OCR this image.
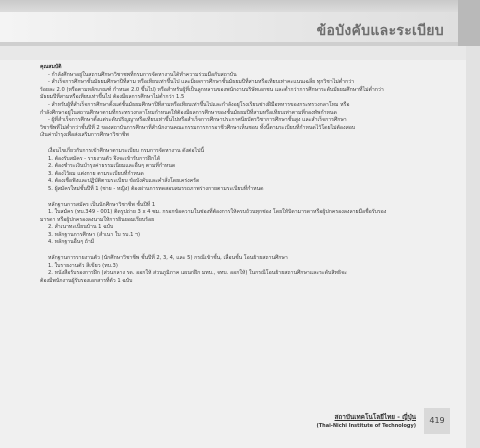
ข้อบังคับและระเบียบ

คุณสมบัติ

- กำลังศึกษาอยู่ในสถานศึกษาวิชาชพที่กรมการจัดหางานได้ทำความร่วมมือกับสถาบัน

- สำเร็จการศึกษาชั้นมัธยมศึกษาปีที่สาม หรือเทียบเท่าขึ้นไป และมีผลการศึกษาชั้นมัธยมปีที่สามหรือเทียบเท่าคะแนนเฉลี่ย ทุกวิชาไม่ต่ำกว่า

ร้อยละ 2.0 (หรือตามหลักเกณฑ์ กำหนด 2.0 ขึ้นไป) หรือสำหรับผู้ที่เป็นลูกหลานของพนักงานบริษัทเอกชน และต่ำกว่าการศึกษาระดับมัธยมศึกษาที่ไม่ต่ำกว่า

มัธยมปีที่สามหรือเทียบเท่าขึ้นไป ต้องมีผลการศึกษาไม่ต่ำกว่า 1.5

- สำหรับผู้ที่สำเร็จการศึกษาตั้งแต่ชั้นมัธยมศึกษาปีที่สามหรือเทียบเท่าขึ้นไปและกำลังอยู่โรงเรียนช่างฝีมือทหารของกระทรวงกลาโหม หรือ

กำลังศึกษาอยู่ในสถานศึกษาตามที่กระทรวงกลาโหมกำหนดให้ต้องมีผลการศึกษาของชั้นมัธยมปีที่สามหรือเทียบเท่าตามที่กองทัพกำหนด

- ผู้ที่สำเร็จการศึกษาตั้งแต่ระดับปริญญาหรือเทียบเท่าขึ้นไปหรือสำเร็จการศึกษาประกาศนียบัตรวิชาการศึกษาชั้นสูง และสำเร็จการศึกษา

วิชาชีพที่ไม่ต่ำกว่าชั้นปีที่ 2 ของสถาบันการศึกษาที่สำนักงานคณะกรรมการการอาชีวศึกษาเห็นชอบ ทั้งนี้ตามระเบียบที่กำหนดไว้โดยไม่ต้องสอบ

เงินค่าบำรุงเพื่อส่งเสริมการศึกษาวิชาชีพ

เงื่อนไขเกี่ยวกับการเข้าศึกษาตามระเบียบ กรมการจัดหางาน ดังต่อไปนี้

1. ต้องรับสมัคร - รายงานตัว จึงจะเข้ารับการฝึกได้

2. ต้องชำระเงินบำรุงค่าธรรมเนียมและอื่นๆ ตามที่กำหนด

3. ต้องไว้ผม แต่งกาย ตามระเบียบที่กำหนด

4. ต้องเชื่อฟังและปฏิบัติตามระเบียบ ข้อบังคับและคำสั่งโดยเคร่งครัด

5. ผู้สมัครใหม่ชั้นปีที่ 1 (ชาย - หญิง) ต้องผ่านการทดสอบสมรรถภาพร่างกายตามระเบียบที่กำหนด

หลักฐานการสมัคร เป็นนักศึกษาวิชาชีพ ชั้นปีที่ 1

1. ใบสมัคร (ทบ.349 - 001) ติดรูปถ่าย 3 x 4 ซม. กรอกข้อความในช่องที่ต้องการให้ครบถ้วนทุกช่อง โดยให้บิดามารดาหรือผู้ปกครองลงลายมือชื่อรับรอง

มารดา หรือผู้ปกครองลงนามให้การยินยอมเรียบร้อย

2. สำเนาทะเบียนบ้าน 1 ฉบับ

3. หลักฐานการศึกษา (สำเนา ใบ รบ.1 ฯ)

4. หลักฐานอื่นๆ ถ้ามี

หลักฐานการรายงานตัว (นักศึกษาวิชาชีพ ชั้นปีที่ 2, 3, 4, และ 5) กรณีเข้าชั้น, เลื่อนชั้น โอนย้ายสถานศึกษา

1. ใบรายงานตัว สีเขียว (ทบ.3)

2. หนังสือรับรองการฝึก (ส่วนกลาง รด. ออกให้ ส่วนภูมิภาค แผนกฝึก มทบ., จทบ. ออกให้) ในกรณีโอนย้ายสถานศึกษาและระดับสิทธิจะ

ต้องมีพนักงานผู้รับรองเอกสารที่ตัว 1 ฉบับ

สถาบันเทคโนโลยีไทย - ญี่ปุ่น
(Thai-Nichi Institute of Technology)
419
